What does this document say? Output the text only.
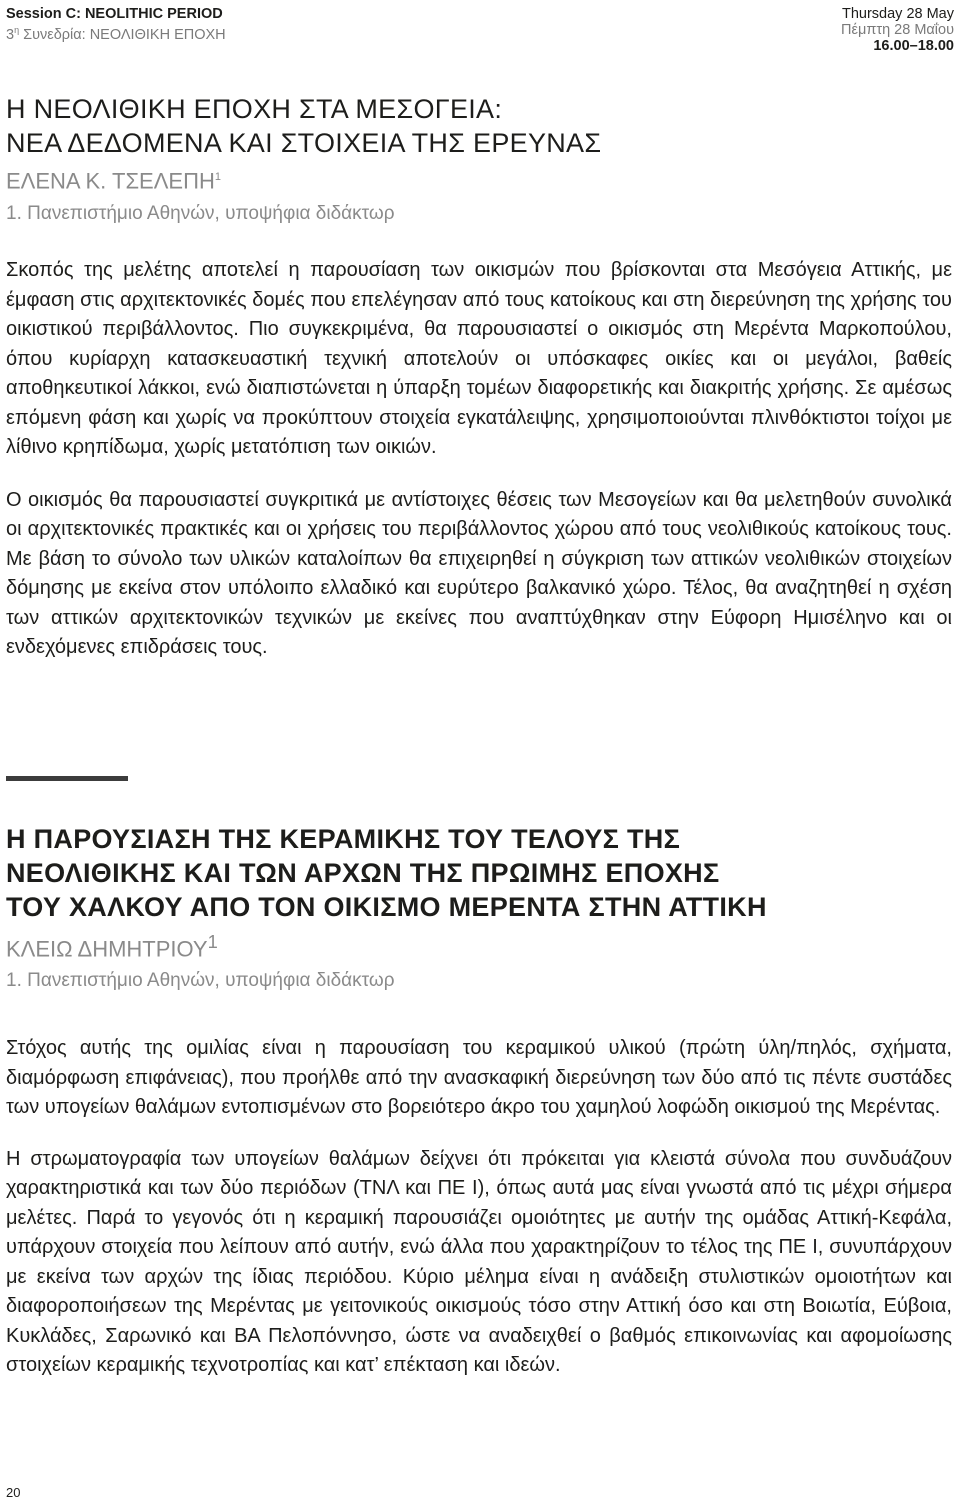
Session C: NEOLITHIC PERIOD
$3^\eta$ Συνεδρία: ΝΕΟΛΙΘΙΚΗ ΕΠΟΧΗ
Thursday 28 May
Πέμπτη 28 Μαΐου
16.00–18.00
Η ΝΕΟΛΙΘΙΚΗ ΕΠΟΧΗ ΣΤΑ ΜΕΣΟΓΕΙΑ:
ΝΕΑ ΔΕΔΟΜΕΝΑ ΚΑΙ ΣΤΟΙΧΕΙΑ ΤΗΣ ΕΡΕΥΝΑΣ
ΕΛΕΝΑ Κ. ΤΣΕΛΕΠΗ$^1$
1. Πανεπιστήμιο Αθηνών, υποψήφια διδάκτωρ

Σκοπός της μελέτης αποτελεί η παρουσίαση των οικισμών που βρίσκονται στα Μεσόγεια Αττικής, με έμφαση στις αρχιτεκτονικές δομές που επελέγησαν από τους κατοίκους και στη διερεύνηση της χρήσης του οικιστικού περιβάλλοντος. Πιο συγκεκριμένα, θα παρουσιαστεί ο οικισμός στη Μερέντα Μαρκοπούλου, όπου κυρίαρχη κατασκευαστική τεχνική αποτελούν οι υπόσκαφες οικίες και οι μεγάλοι, βαθείς αποθηκευτικοί λάκκοι, ενώ διαπιστώνεται η ύπαρξη τομέων διαφορετικής και διακριτής χρήσης. Σε αμέσως επόμενη φάση και χωρίς να προκύπτουν στοιχεία εγκατάλειψης, χρησιμοποιούνται πλινθόκτιστοι τοίχοι με λίθινο κρηπίδωμα, χωρίς μετατόπιση των οικιών.

Ο οικισμός θα παρουσιαστεί συγκριτικά με αντίστοιχες θέσεις των Μεσογείων και θα μελετηθούν συνολικά οι αρχιτεκτονικές πρακτικές και οι χρήσεις του περιβάλλοντος χώρου από τους νεολιθικούς κατοίκους τους. Με βάση το σύνολο των υλικών καταλοίπων θα επιχειρηθεί η σύγκριση των αττικών νεολιθικών στοιχείων δόμησης με εκείνα στον υπόλοιπο ελλαδικό και ευρύτερο βαλκανικό χώρο. Τέλος, θα αναζητηθεί η σχέση των αττικών αρχιτεκτονικών τεχνικών με εκείνες που αναπτύχθηκαν στην Εύφορη Ημισέληνο και οι ενδεχόμενες επιδράσεις τους.

Η ΠΑΡΟΥΣΙΑΣΗ ΤΗΣ ΚΕΡΑΜΙΚΗΣ ΤΟΥ ΤΕΛΟΥΣ ΤΗΣ
ΝΕΟΛΙΘΙΚΗΣ ΚΑΙ ΤΩΝ ΑΡΧΩΝ ΤΗΣ ΠΡΩΙΜΗΣ ΕΠΟΧΗΣ
ΤΟΥ ΧΑΛΚΟΥ ΑΠΟ ΤΟΝ ΟΙΚΙΣΜΟ ΜΕΡΕΝΤΑ ΣΤΗΝ ΑΤΤΙΚΗ
ΚΛΕΙΩ ΔΗΜΗΤΡΙΟΥ$^1$
1. Πανεπιστήμιο Αθηνών, υποψήφια διδάκτωρ

Στόχος αυτής της ομιλίας είναι η παρουσίαση του κεραμικού υλικού (πρώτη ύλη/πηλός, σχήματα, διαμόρφωση επιφάνειας), που προήλθε από την ανασκαφική διερεύνηση των δύο από τις πέντε συστάδες των υπογείων θαλάμων εντοπισμένων στο βορειότερο άκρο του χαμηλού λοφώδη οικισμού της Μερέντας.

Η στρωματογραφία των υπογείων θαλάμων δείχνει ότι πρόκειται για κλειστά σύνολα που συνδυάζουν χαρακτηριστικά και των δύο περιόδων (ΤΝΛ και ΠΕ Ι), όπως αυτά μας είναι γνωστά από τις μέχρι σήμερα μελέτες. Παρά το γεγονός ότι η κεραμική παρουσιάζει ομοιότητες με αυτήν της ομάδας Αττική-Κεφάλα, υπάρχουν στοιχεία που λείπουν από αυτήν, ενώ άλλα που χαρακτηρίζουν το τέλος της ΠΕ Ι, συνυπάρχουν με εκείνα των αρχών της ίδιας περιόδου. Κύριο μέλημα είναι η ανάδειξη στυλιστικών ομοιοτήτων και διαφοροποιήσεων της Μερέντας με γειτονικούς οικισμούς τόσο στην Αττική όσο και στη Βοιωτία, Εύβοια, Κυκλάδες, Σαρωνικό και ΒΑ Πελοπόννησο, ώστε να αναδειχθεί ο βαθμός επικοινωνίας και αφομοίωσης στοιχείων κεραμικής τεχνοτροπίας και κατ’ επέκταση και ιδεών.

20
